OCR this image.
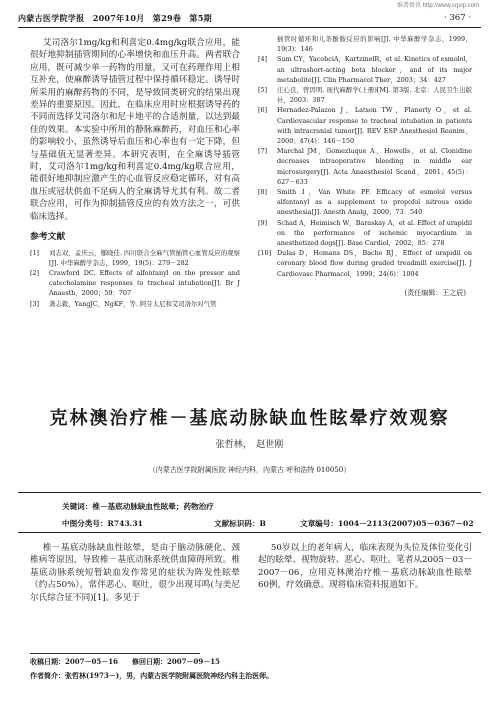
维普资讯 http://www.cqvip.com
内蒙古医学院学报　2007年10月　第29卷　第5期	· 367 ·
艾司洛尔1mg/kg和利喜定0.4mg/kg联合应用，能很好地抑制插管期间的心率增快和血压升高。两者联合应用，既可减少单一药物的用量，又可在药理作用上相互补充，使麻醉诱导插管过程中保持循环稳定。诱导时所采用的麻醉药物的不同，是导致同类研究的结果出现差异的重要原因。因此，在临床应用时应根据诱导药的不同而选择艾司洛尔和尼卡地平的合适剂量，以达到最佳的效果。本实验中所用的静脉麻醉药，对血压和心率的影响较小，虽然诱导后血压和心率也有一定下降，但与基础值无显著差异。本研究表明，在全麻诱导插管时，艾司洛尔1mg/kg和利喜定0.4mg/kg联合应用，能很好地抑制应激产生的心血管反应稳定循环，对有高血压或冠状供血不足病人的全麻诱导尤其有利。故二者联合应用，可作为抑制插管反应的有效方法之一，可供临床选择。
参考文献
[1]	刘志双，孟庆云，鄢晓佳. 四川联合全麻气管插管心血管反应的观察[J]. 中华麻醉学杂志，1999，19(5)：279－282
[2]	Crawford DC. Effects of alfentanyl on the pressor and catecholamine responses to tracheal intubation[J]. Br J Anaesth，2000；59：707
[3]	龚志毅，YangJC，NgKF，等. 阿芬太尼和艾司洛尔对气管
插管时循环和儿茶酚胺反应的影响[J]. 中华麻醉学杂志，1999，19(3)：146
[4]	Sum CY，YacobciA，KartzinelR，et al. Kinetics of esmolol，an ultrashort-acting beta blocker，and of its major metabolite[J]. Clin Pharmacol Ther，2003；34：427
[5]	庄心良，曾因明. 现代麻醉学(上册)[M]. 第3版. 北京：人民卫生出版社，2003：387
[6]	Hernadez-Palazon J，Latson TW，Flanerly O，et al. Cardiovascular response to tracheal intubation in patients with intracranial tumor[J]. REV ESP Anesthesiol Reanim，2000；47(4)：146－150
[7]	Marchal JM，Gomezluque A，Howells，et al. Clonidine decreases intraoperative bleeding in middle ear microsurgery[J]. Acta Anaesthesiol Scand，2001；45(5)：627－633
[8]	Smith I，Van White PF. Efficacy of esmolol versus alfentanyl as a supplement to propofol nitrous oxide anesthesia[J]. Anesth Analg，2000；73：540
[9]	Schad A，Heimisch W，Baraskay A，et al. Effect of urapidil on the performance of ischemic myocardium in anesthetized dogs[J]. Base Cardiol，2002；85：278
[10] Dulas D，Homans DS，Bache RJ，Effect of urapidil on coronary blood flow during graded treadmill exercise[J]. J Cardiovasc Pharmacol，1999；24(6)：1004
(责任编辑：王之辰)
克林澳治疗椎－基底动脉缺血性眩晕疗效观察
张哲林，　赵世刚
（内蒙古医学院附属医院 神经内科，内蒙古 呼和浩特 010050）
关键词：椎－基底动脉缺血性眩晕；药物治疗
中图分类号：R743.31	文献标识码：B	文章编号：1004－2113(2007)05－0367－02
椎－基底动脉缺血性眩晕，是由于脑动脉硬化、颈椎病等原因，导致椎－基底动脉系统供血障碍所致。椎基底动脉系统短暂缺血发作常见的症状为阵发性眩晕（约占50%），常伴恶心、呕吐，很少出现耳鸣(与美尼尔氏综合征不同)[1]。多见于
50岁以上的老年病人，临床表现为头位及体位变化引起的眩晕、视物旋转、恶心、呕吐。笔者从2005－03－2007－06，应用克林澳治疗椎－基底动脉缺血性眩晕60例，疗效确意。现将临床资料报道如下。
收稿日期：2007－05－16　　修回日期：2007－09－15
作者简介：张哲林(1973－)，男，内蒙古医学院附属医院神经内科主治医师。
